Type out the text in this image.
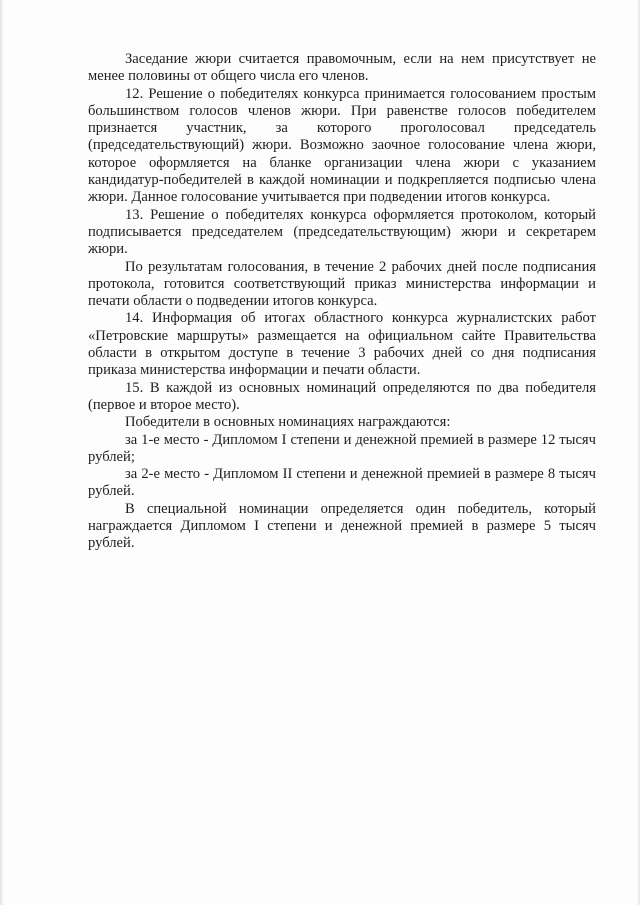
Заседание жюри считается правомочным, если на нем присутствует не менее половины от общего числа его членов.

12. Решение о победителях конкурса принимается голосованием простым большинством голосов членов жюри. При равенстве голосов победителем признается участник, за которого проголосовал председатель (председательствующий) жюри. Возможно заочное голосование члена жюри, которое оформляется на бланке организации члена жюри с указанием кандидатур-победителей в каждой номинации и подкрепляется подписью члена жюри. Данное голосование учитывается при подведении итогов конкурса.

13. Решение о победителях конкурса оформляется протоколом, который подписывается председателем (председательствующим) жюри и секретарем жюри.

По результатам голосования, в течение 2 рабочих дней после подписания протокола, готовится соответствующий приказ министерства информации и печати области о подведении итогов конкурса.

14. Информация об итогах областного конкурса журналистских работ «Петровские маршруты» размещается на официальном сайте Правительства области в открытом доступе в течение 3 рабочих дней со дня подписания приказа министерства информации и печати области.

15. В каждой из основных номинаций определяются по два победителя (первое и второе место).

Победители в основных номинациях награждаются:

за 1-е место - Дипломом I степени и денежной премией в размере 12 тысяч рублей;

за 2-е место - Дипломом II степени и денежной премией в размере 8 тысяч рублей.

В специальной номинации определяется один победитель, который награждается Дипломом I степени и денежной премией в размере 5 тысяч рублей.
